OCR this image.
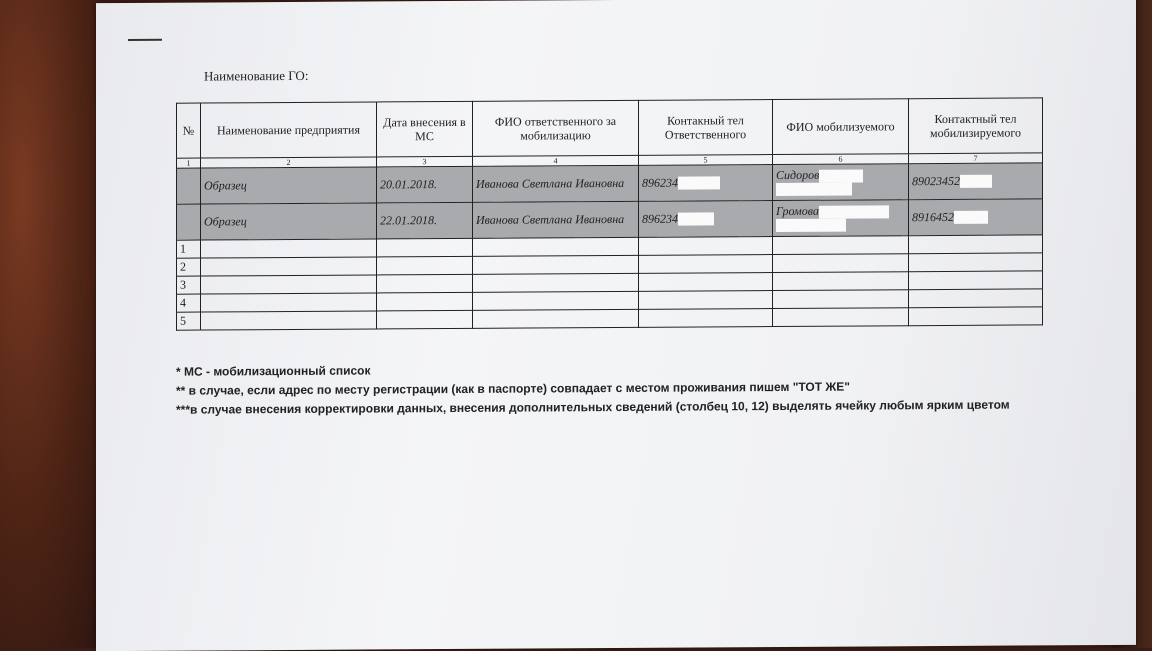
Наименование ГО:
№	Наименование предприятия	Дата внесения в МС	ФИО ответственного за мобилизацию	Контакный тел Ответственного	ФИО мобилизуемого	Контактный тел мобилизируемого
1	2	3	4	5	6	7
	Образец	20.01.2018.	Иванова Светлана Ивановна	896234	Сидоров	89023452
	Образец	22.01.2018.	Иванова Светлана Ивановна	896234	Громова	8916452
1						
2						
3						
4						
5						
* МС - мобилизационный список
** в случае, если адрес по месту регистрации (как в паспорте) совпадает с местом проживания пишем "ТОТ ЖЕ"
***в случае внесения корректировки данных, внесения дополнительных сведений (столбец 10, 12) выделять ячейку любым ярким цветом
